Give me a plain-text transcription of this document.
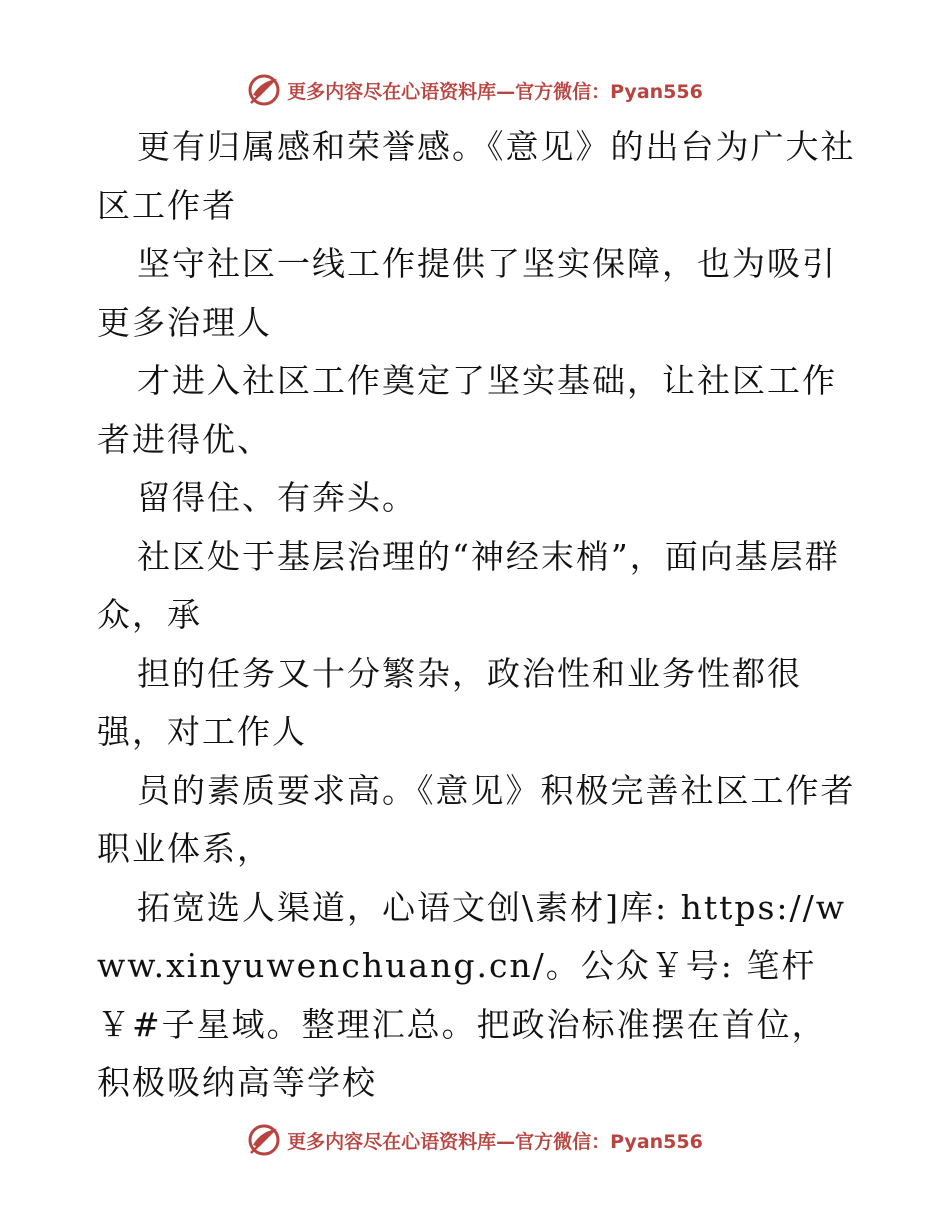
更多内容尽在心语资料库—官方微信：Pyan556

更有归属感和荣誉感。《意见》的出台为广大社区工作者

坚守社区一线工作提供了坚实保障，也为吸引更多治理人

才进入社区工作奠定了坚实基础，让社区工作者进得优、

留得住、有奔头。

社区处于基层治理的“神经末梢”，面向基层群众，承

担的任务又十分繁杂，政治性和业务性都很强，对工作人

员的素质要求高。《意见》积极完善社区工作者职业体系，

拓宽选人渠道，心语文创\素材]库: https://www.xinyuwenchuang.cn/。公众￥号: 笔杆￥#子星域。整理汇总。把政治标准摆在首位，积极吸纳高等学校

更多内容尽在心语资料库—官方微信：Pyan556
